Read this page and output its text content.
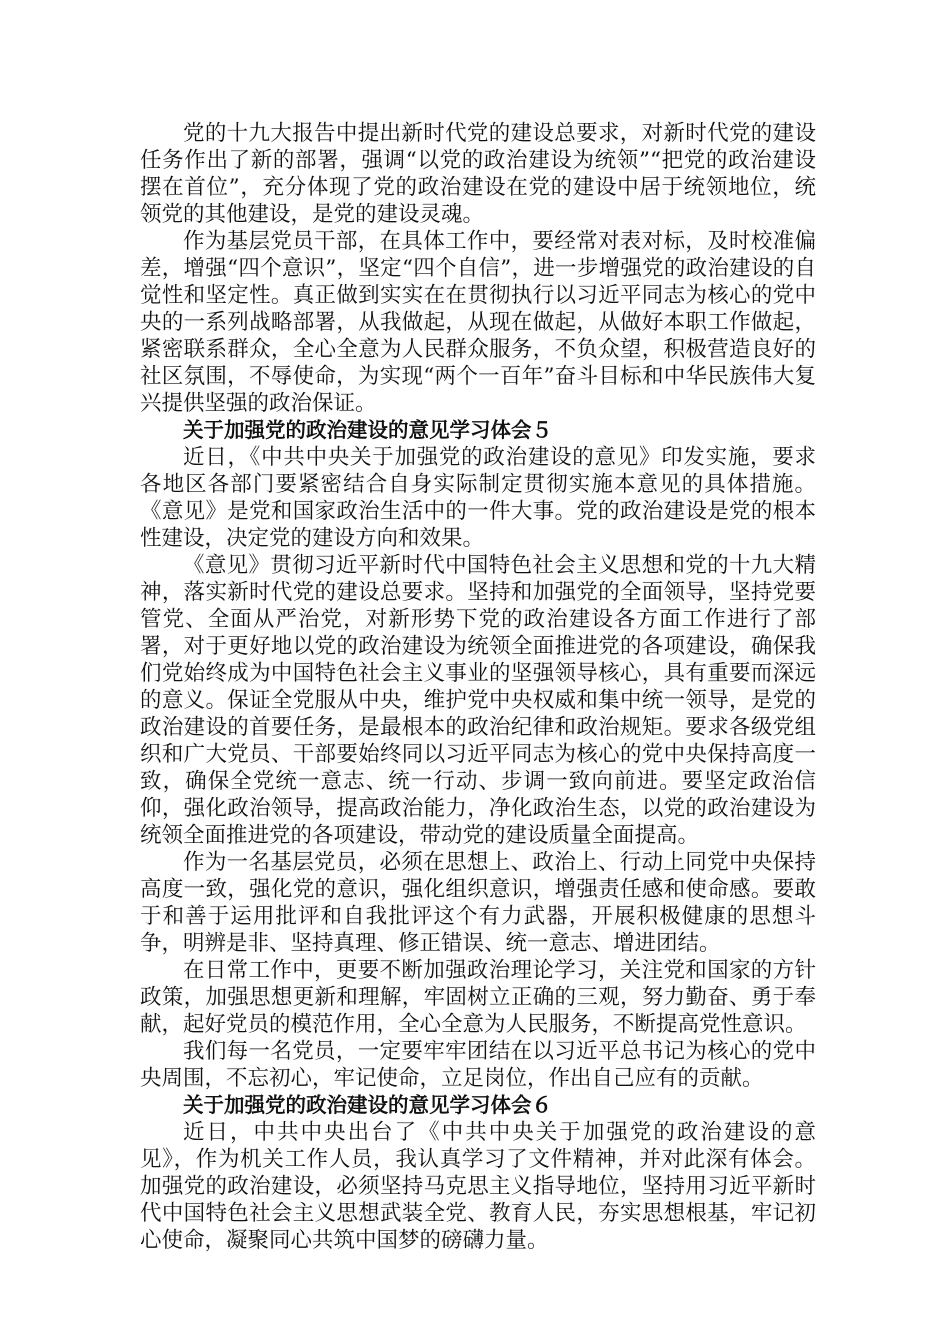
党的十九大报告中提出新时代党的建设总要求，对新时代党的建设任务作出了新的部署，强调“以党的政治建设为统领”“把党的政治建设摆在首位”，充分体现了党的政治建设在党的建设中居于统领地位，统领党的其他建设，是党的建设灵魂。

作为基层党员干部，在具体工作中，要经常对表对标，及时校准偏差，增强“四个意识”，坚定“四个自信”，进一步增强党的政治建设的自觉性和坚定性。真正做到实实在在贯彻执行以习近平同志为核心的党中央的一系列战略部署，从我做起，从现在做起，从做好本职工作做起，紧密联系群众，全心全意为人民群众服务，不负众望，积极营造良好的社区氛围，不辱使命，为实现“两个一百年”奋斗目标和中华民族伟大复兴提供坚强的政治保证。

关于加强党的政治建设的意见学习体会５

近日，《中共中央关于加强党的政治建设的意见》印发实施，要求各地区各部门要紧密结合自身实际制定贯彻实施本意见的具体措施。《意见》是党和国家政治生活中的一件大事。党的政治建设是党的根本性建设，决定党的建设方向和效果。

《意见》贯彻习近平新时代中国特色社会主义思想和党的十九大精神，落实新时代党的建设总要求。坚持和加强党的全面领导，坚持党要管党、全面从严治党，对新形势下党的政治建设各方面工作进行了部署，对于更好地以党的政治建设为统领全面推进党的各项建设，确保我们党始终成为中国特色社会主义事业的坚强领导核心，具有重要而深远的意义。保证全党服从中央，维护党中央权威和集中统一领导，是党的政治建设的首要任务，是最根本的政治纪律和政治规矩。要求各级党组织和广大党员、干部要始终同以习近平同志为核心的党中央保持高度一致，确保全党统一意志、统一行动、步调一致向前进。要坚定政治信仰，强化政治领导，提高政治能力，净化政治生态，以党的政治建设为统领全面推进党的各项建设，带动党的建设质量全面提高。

作为一名基层党员，必须在思想上、政治上、行动上同党中央保持高度一致，强化党的意识，强化组织意识，增强责任感和使命感。要敢于和善于运用批评和自我批评这个有力武器，开展积极健康的思想斗争，明辨是非、坚持真理、修正错误、统一意志、增进团结。

在日常工作中，更要不断加强政治理论学习，关注党和国家的方针政策，加强思想更新和理解，牢固树立正确的三观，努力勤奋、勇于奉献，起好党员的模范作用，全心全意为人民服务，不断提高党性意识。

我们每一名党员，一定要牢牢团结在以习近平总书记为核心的党中央周围，不忘初心，牢记使命，立足岗位，作出自己应有的贡献。

关于加强党的政治建设的意见学习体会６

近日，中共中央出台了《中共中央关于加强党的政治建设的意见》，作为机关工作人员，我认真学习了文件精神，并对此深有体会。加强党的政治建设，必须坚持马克思主义指导地位，坚持用习近平新时代中国特色社会主义思想武装全党、教育人民，夯实思想根基，牢记初心使命，凝聚同心共筑中国梦的磅礴力量。
